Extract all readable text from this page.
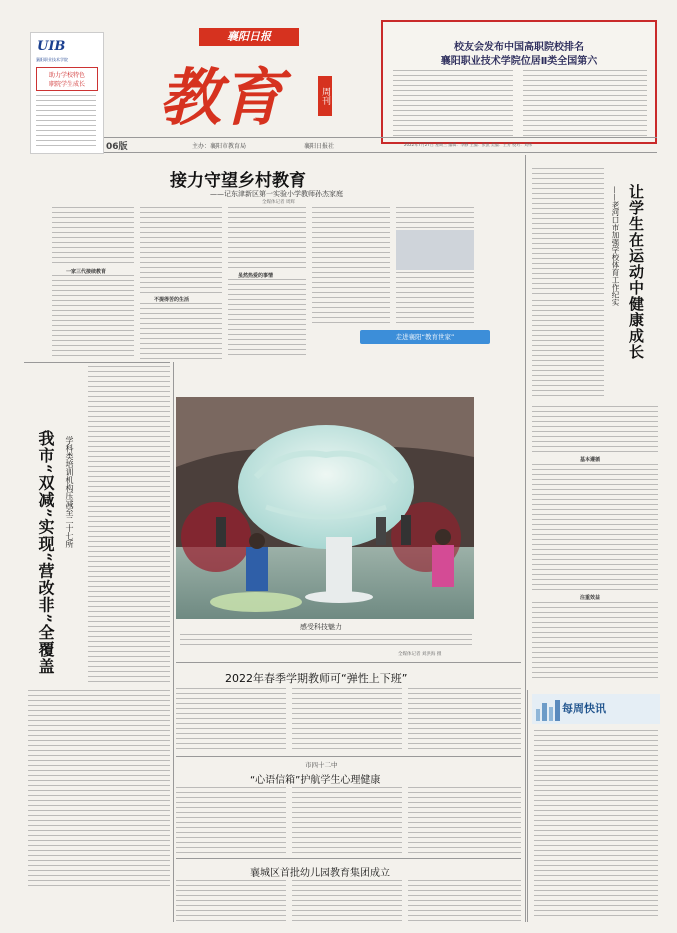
UIB
襄阳职业技术学院
助力学校特色
职院学生成长
襄阳日报
教育	周刊
校友会发布中国高职院校排名
襄阳职业技术学院位居Ⅱ类全国第六
06版	主办：襄阳市教育局	襄阳日报社	2022年7月27日 星期三 编辑：李静 主编：张凯 美编：王芳 校对：刘伟
接力守望乡村教育
——记东津新区第一实验小学教师孙杰家庭
全媒体记者 周辉
一家三代接续教育
不提得苦的生活
虽然热爱的事情
走进襄阳“教育世家”	让学生在运动中健康成长
——老河口市加强学校体育工作纪实
基本遵循
注重效益
我市“双减”实现“营改非”全覆盖 学科类培训机构压减至二十七所
感受科技魅力
全媒体记者 刘洪海 摄
2022年春季学期教师可“弹性上下班”
市四十二中
“心语信箱”护航学生心理健康
襄城区首批幼儿园教育集团成立
每周快讯
